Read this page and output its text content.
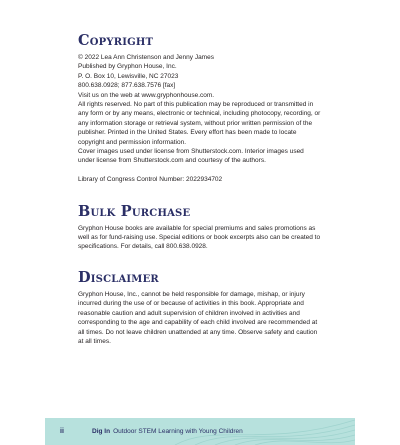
Copyright

© 2022 Lea Ann Christenson and Jenny James

Published by Gryphon House, Inc.

P. O. Box 10, Lewisville, NC 27023

800.638.0928; 877.638.7576 [fax]

Visit us on the web at www.gryphonhouse.com.

All rights reserved. No part of this publication may be reproduced or transmitted in any form or by any means, electronic or technical, including photocopy, recording, or any information storage or retrieval system, without prior written permission of the publisher. Printed in the United States. Every effort has been made to locate copyright and permission information.

Cover images used under license from Shutterstock.com. Interior images used under license from Shutterstock.com and courtesy of the authors.

Library of Congress Control Number: 2022934702

Bulk Purchase

Gryphon House books are available for special premiums and sales promotions as well as for fund-raising use. Special editions or book excerpts also can be created to specifications. For details, call 800.638.0928.

Disclaimer

Gryphon House, Inc., cannot be held responsible for damage, mishap, or injury incurred during the use of or because of activities in this book. Appropriate and reasonable caution and adult supervision of children involved in activities and corresponding to the age and capability of each child involved are recommended at all times. Do not leave children unattended at any time. Observe safety and caution at all times.

ii	Dig In Outdoor STEM Learning with Young Children
